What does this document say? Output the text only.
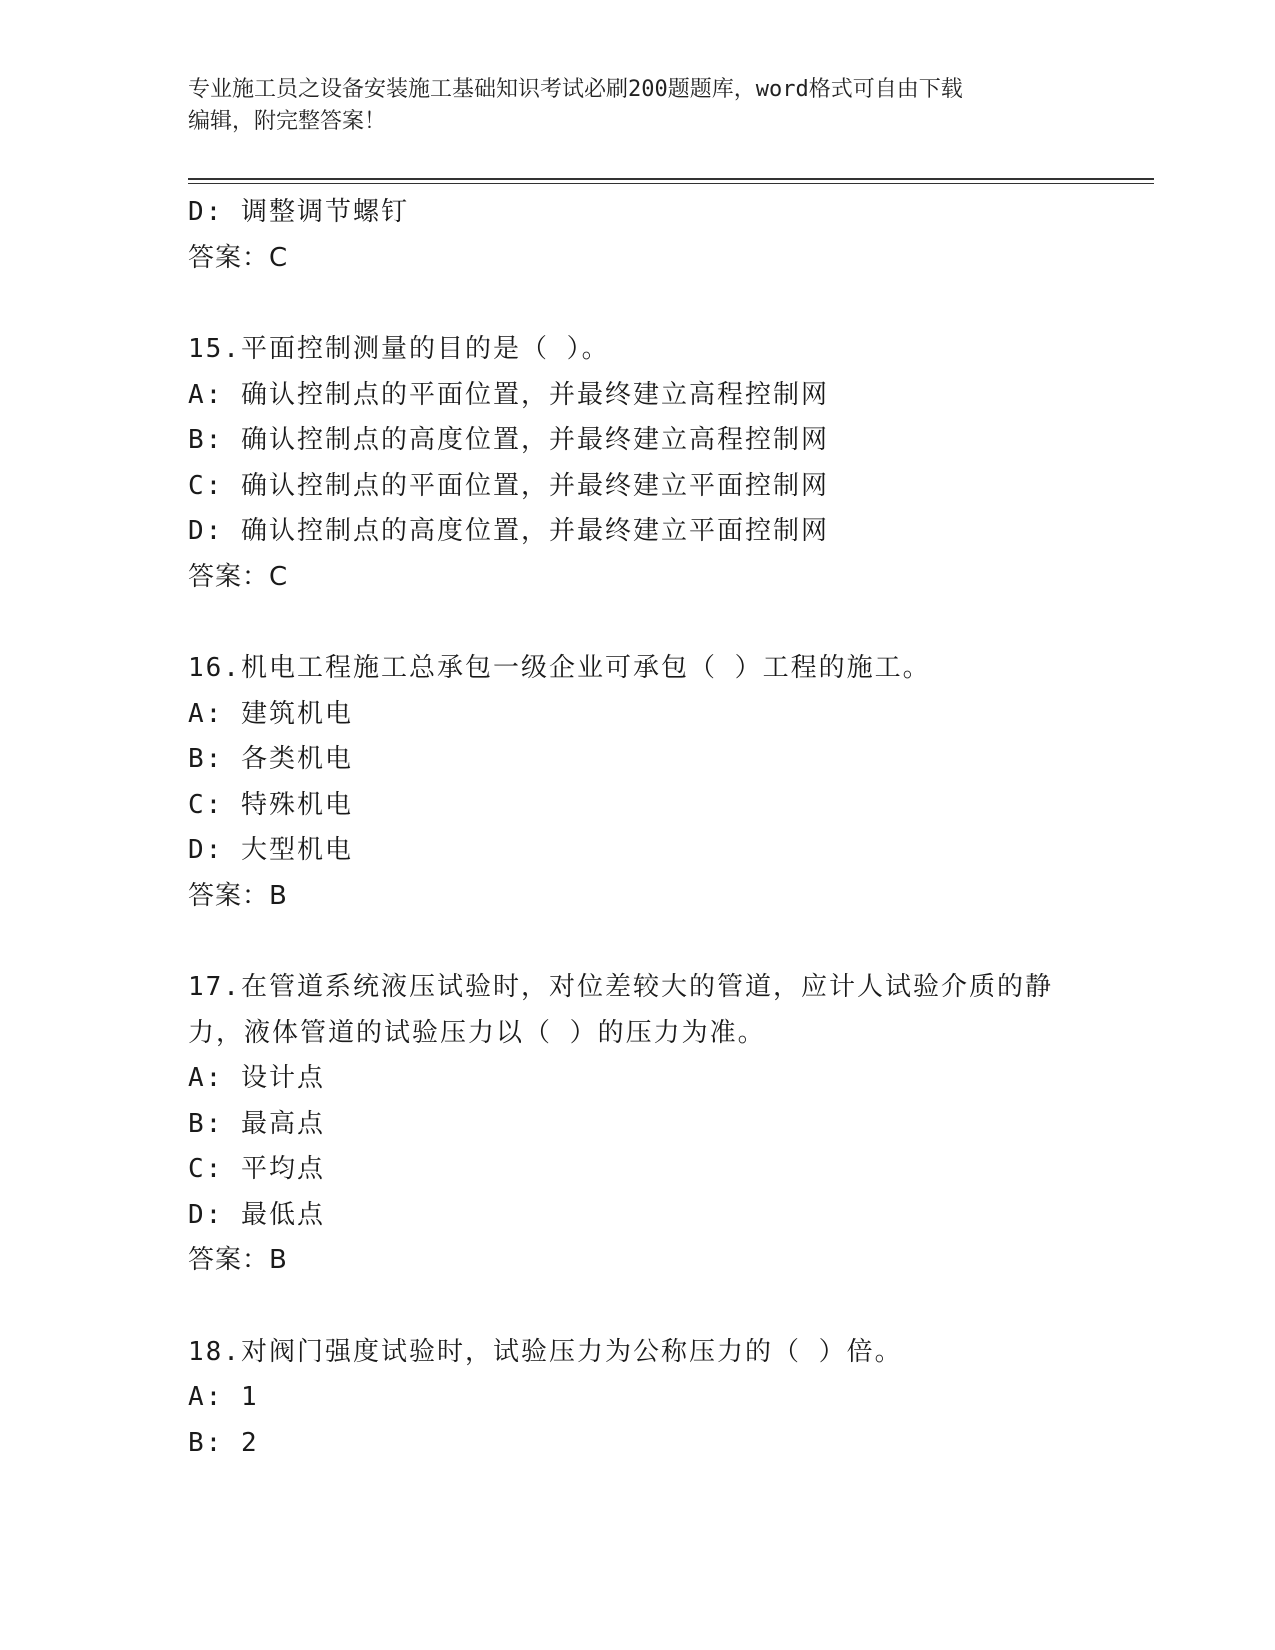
专业施工员之设备安装施工基础知识考试必刷200题题库，word格式可自由下载
编辑，附完整答案！
D: 调整调节螺钉
答案：C
15.平面控制测量的目的是（ ）。
A: 确认控制点的平面位置，并最终建立高程控制网
B: 确认控制点的高度位置，并最终建立高程控制网
C: 确认控制点的平面位置，并最终建立平面控制网
D: 确认控制点的高度位置，并最终建立平面控制网
答案：C
16.机电工程施工总承包一级企业可承包（ ）工程的施工。
A: 建筑机电
B: 各类机电
C: 特殊机电
D: 大型机电
答案：B
17.在管道系统液压试验时，对位差较大的管道，应计人试验介质的静
力，液体管道的试验压力以（ ）的压力为准。
A: 设计点
B: 最高点
C: 平均点
D: 最低点
答案：B
18.对阀门强度试验时，试验压力为公称压力的（ ）倍。
A: 1
B: 2
